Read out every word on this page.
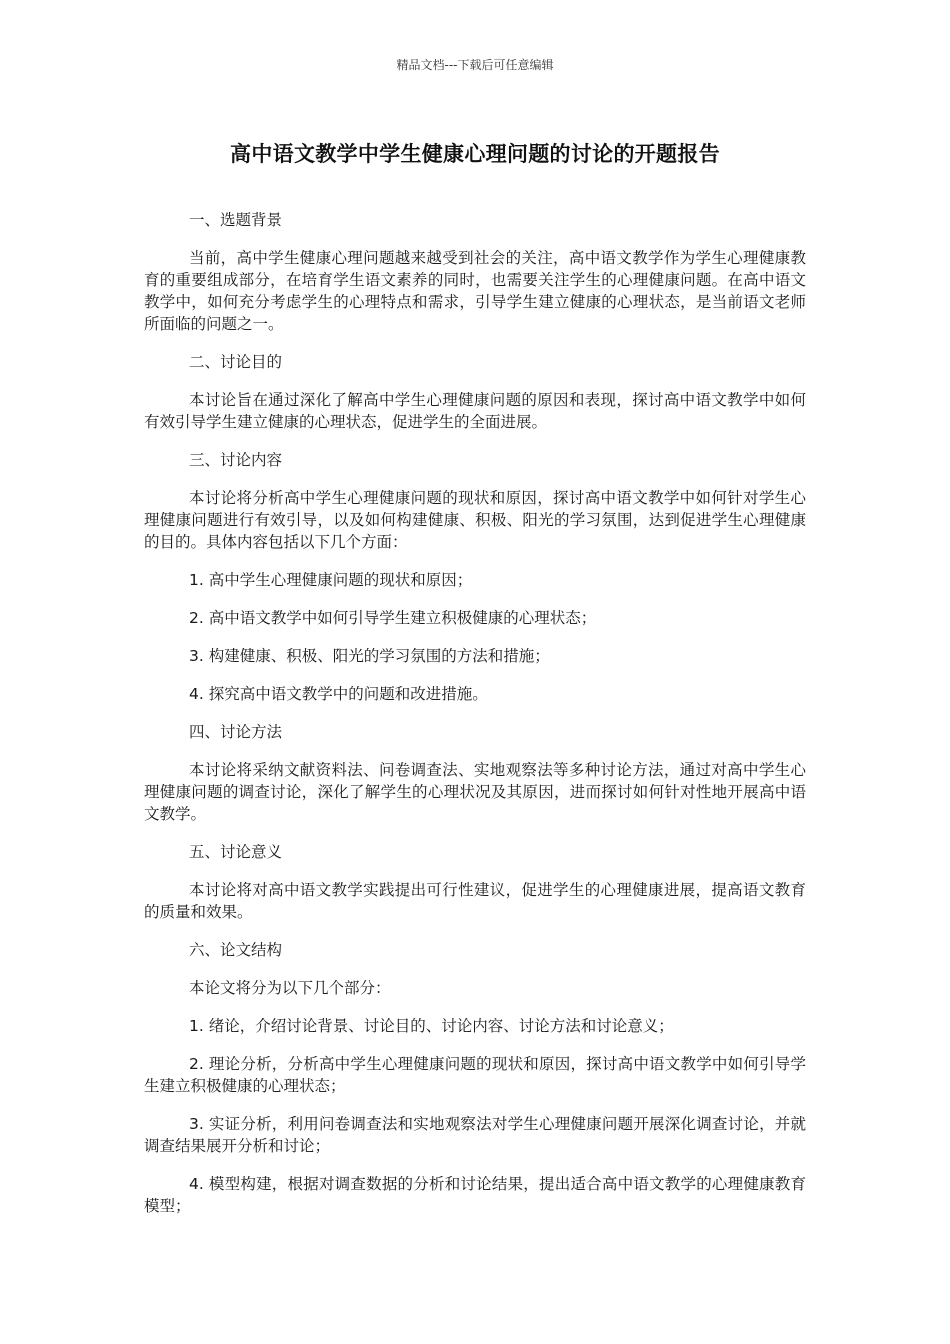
精品文档---下载后可任意编辑
高中语文教学中学生健康心理问题的讨论的开题报告

一、选题背景

当前，高中学生健康心理问题越来越受到社会的关注，高中语文教学作为学生心理健康教育的重要组成部分，在培育学生语文素养的同时，也需要关注学生的心理健康问题。在高中语文教学中，如何充分考虑学生的心理特点和需求，引导学生建立健康的心理状态，是当前语文老师所面临的问题之一。

二、讨论目的

本讨论旨在通过深化了解高中学生心理健康问题的原因和表现，探讨高中语文教学中如何有效引导学生建立健康的心理状态，促进学生的全面进展。

三、讨论内容

本讨论将分析高中学生心理健康问题的现状和原因，探讨高中语文教学中如何针对学生心理健康问题进行有效引导，以及如何构建健康、积极、阳光的学习氛围，达到促进学生心理健康的目的。具体内容包括以下几个方面：

1. 高中学生心理健康问题的现状和原因；

2. 高中语文教学中如何引导学生建立积极健康的心理状态；

3. 构建健康、积极、阳光的学习氛围的方法和措施；

4. 探究高中语文教学中的问题和改进措施。

四、讨论方法

本讨论将采纳文献资料法、问卷调查法、实地观察法等多种讨论方法，通过对高中学生心理健康问题的调查讨论，深化了解学生的心理状况及其原因，进而探讨如何针对性地开展高中语文教学。

五、讨论意义

本讨论将对高中语文教学实践提出可行性建议，促进学生的心理健康进展，提高语文教育的质量和效果。

六、论文结构

本论文将分为以下几个部分：

1. 绪论，介绍讨论背景、讨论目的、讨论内容、讨论方法和讨论意义；

2. 理论分析，分析高中学生心理健康问题的现状和原因，探讨高中语文教学中如何引导学生建立积极健康的心理状态；

3. 实证分析，利用问卷调查法和实地观察法对学生心理健康问题开展深化调查讨论，并就调查结果展开分析和讨论；

4. 模型构建，根据对调查数据的分析和讨论结果，提出适合高中语文教学的心理健康教育模型；
